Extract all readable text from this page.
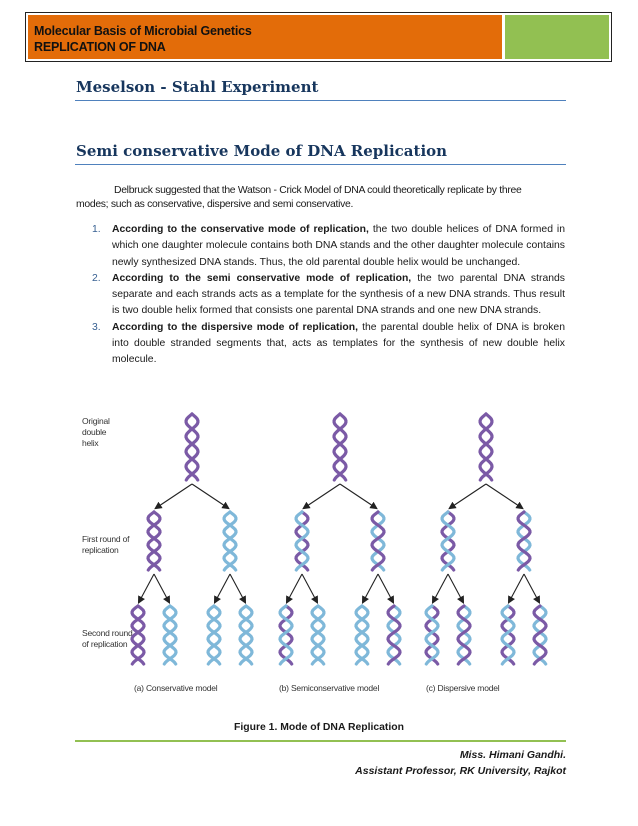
Molecular Basis of Microbial Genetics
REPLICATION OF DNA
Meselson - Stahl Experiment
Semi conservative Mode of DNA Replication
Delbruck suggested that the Watson - Crick Model of DNA could theoretically replicate by three
modes; such as conservative, dispersive and semi conservative.
1. According to the conservative mode of replication, the two double helices of DNA formed in which one daughter molecule contains both DNA stands and the other daughter molecule contains newly synthesized DNA stands. Thus, the old parental double helix would be unchanged.
2. According to the semi conservative mode of replication, the two parental DNA strands separate and each strands acts as a template for the synthesis of a new DNA strands. Thus result is two double helix formed that consists one parental DNA strands and one new DNA strands.
3. According to the dispersive mode of replication, the parental double helix of DNA is broken into double stranded segments that, acts as templates for the synthesis of new double helix molecule.
Original
double
helix
First round of
replication
Second round
of replication
(a) Conservative model	(b) Semiconservative model	(c) Dispersive model
Figure 1. Mode of DNA Replication
Miss. Himani Gandhi.
Assistant Professor, RK University, Rajkot
